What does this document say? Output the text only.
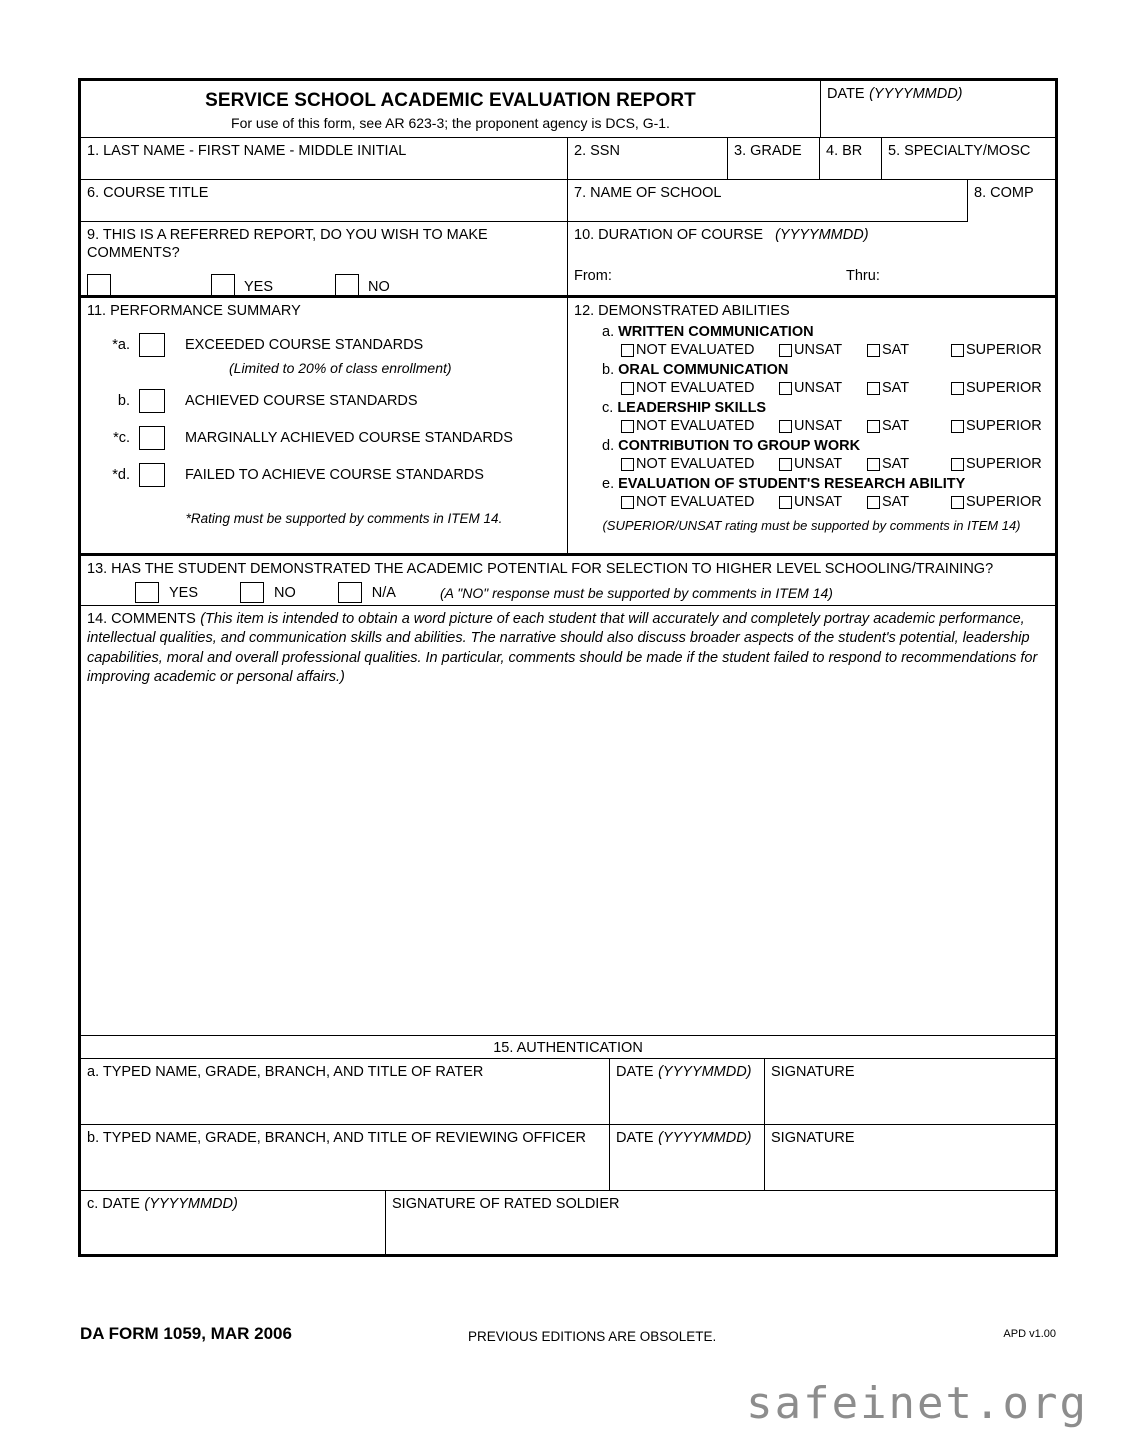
SERVICE SCHOOL ACADEMIC EVALUATION REPORT
For use of this form, see AR 623-3; the proponent agency is DCS, G-1.
DATE (YYYYMMDD)
1. LAST NAME - FIRST NAME - MIDDLE INITIAL	2. SSN	3. GRADE	4. BR	5. SPECIALTY/MOSC
6. COURSE TITLE	7. NAME OF SCHOOL	8. COMP
9. THIS IS A REFERRED REPORT, DO YOU WISH TO MAKE
COMMENTS?
YES	NO
10. DURATION OF COURSE (YYYYMMDD)
From:	Thru:
11. PERFORMANCE SUMMARY
*a.	EXCEEDED COURSE STANDARDS
(Limited to 20% of class enrollment)
b.	ACHIEVED COURSE STANDARDS
*c.	MARGINALLY ACHIEVED COURSE STANDARDS
*d.	FAILED TO ACHIEVE COURSE STANDARDS
*Rating must be supported by comments in ITEM 14.
12. DEMONSTRATED ABILITIES
a. WRITTEN COMMUNICATION
NOT EVALUATED	UNSAT	SAT	SUPERIOR
b. ORAL COMMUNICATION
NOT EVALUATED	UNSAT	SAT	SUPERIOR
c. LEADERSHIP SKILLS
NOT EVALUATED	UNSAT	SAT	SUPERIOR
d. CONTRIBUTION TO GROUP WORK
NOT EVALUATED	UNSAT	SAT	SUPERIOR
e. EVALUATION OF STUDENT'S RESEARCH ABILITY
NOT EVALUATED	UNSAT	SAT	SUPERIOR
(SUPERIOR/UNSAT rating must be supported by comments in ITEM 14)
13. HAS THE STUDENT DEMONSTRATED THE ACADEMIC POTENTIAL FOR SELECTION TO HIGHER LEVEL SCHOOLING/TRAINING?
YES	NO	N/A	(A "NO" response must be supported by comments in ITEM 14)
14. COMMENTS (This item is intended to obtain a word picture of each student that will accurately and completely portray academic performance, intellectual qualities, and communication skills and abilities. The narrative should also discuss broader aspects of the student's potential, leadership capabilities, moral and overall professional qualities. In particular, comments should be made if the student failed to respond to recommendations for improving academic or personal affairs.)
15. AUTHENTICATION
a. TYPED NAME, GRADE, BRANCH, AND TITLE OF RATER	DATE (YYYYMMDD)	SIGNATURE
b. TYPED NAME, GRADE, BRANCH, AND TITLE OF REVIEWING OFFICER	DATE (YYYYMMDD)	SIGNATURE
c. DATE (YYYYMMDD)	SIGNATURE OF RATED SOLDIER
DA FORM 1059, MAR 2006	PREVIOUS EDITIONS ARE OBSOLETE.	APD v1.00
safeinet.org
